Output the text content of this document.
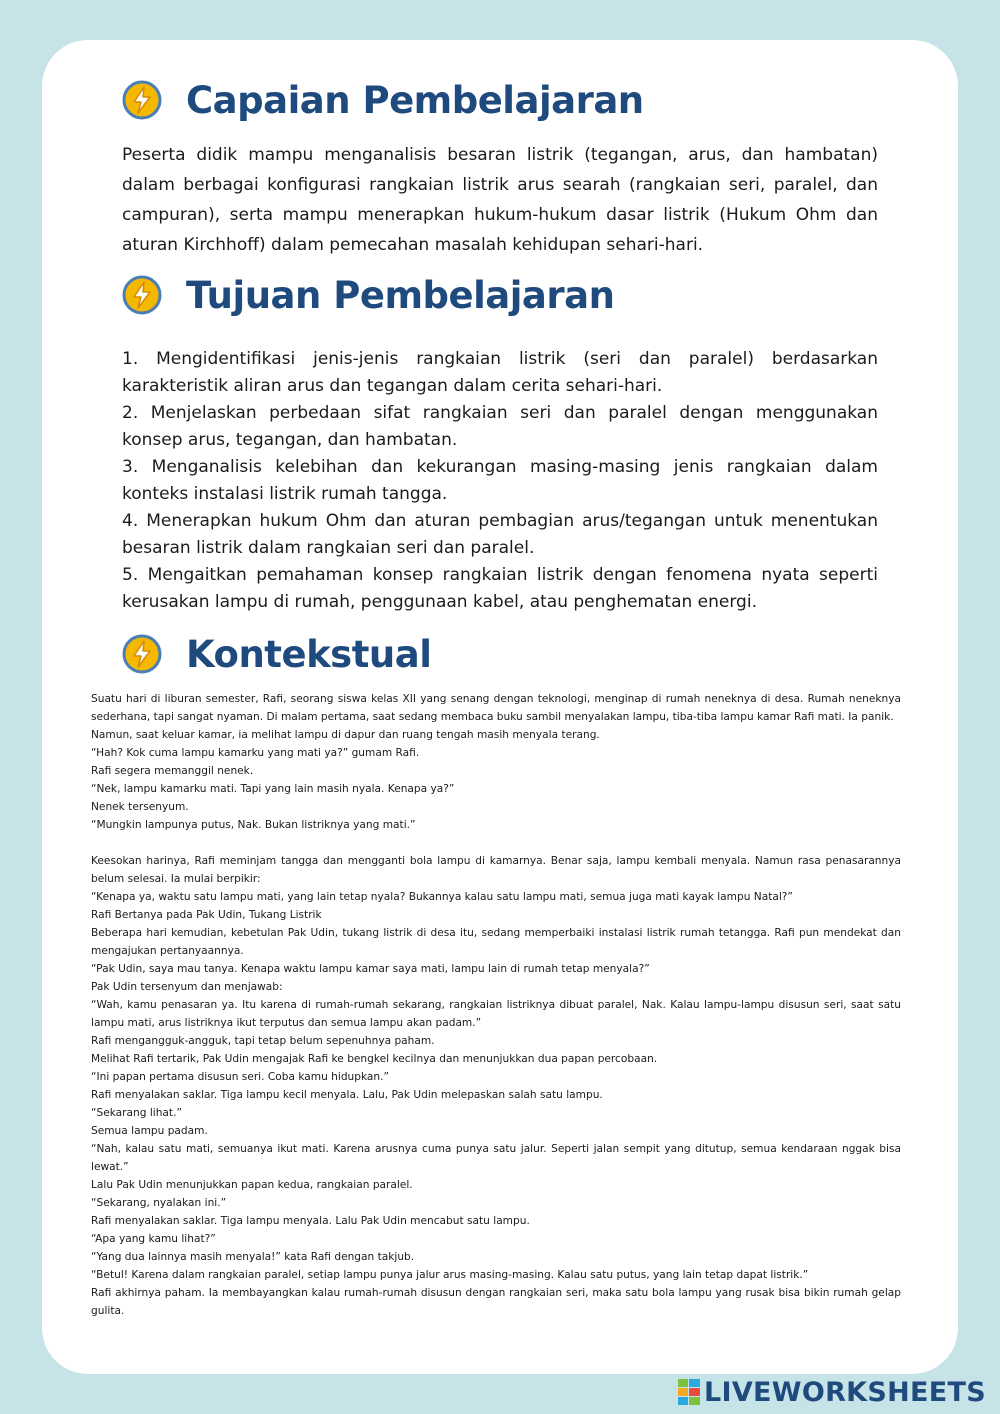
Capaian Pembelajaran

Peserta didik mampu menganalisis besaran listrik (tegangan, arus, dan hambatan) dalam berbagai konfigurasi rangkaian listrik arus searah (rangkaian seri, paralel, dan campuran), serta mampu menerapkan hukum-hukum dasar listrik (Hukum Ohm dan aturan Kirchhoff) dalam pemecahan masalah kehidupan sehari-hari.

Tujuan Pembelajaran
1. Mengidentifikasi jenis-jenis rangkaian listrik (seri dan paralel) berdasarkan karakteristik aliran arus dan tegangan dalam cerita sehari-hari.
2. Menjelaskan perbedaan sifat rangkaian seri dan paralel dengan menggunakan konsep arus, tegangan, dan hambatan.
3. Menganalisis kelebihan dan kekurangan masing-masing jenis rangkaian dalam konteks instalasi listrik rumah tangga.
4. Menerapkan hukum Ohm dan aturan pembagian arus/tegangan untuk menentukan besaran listrik dalam rangkaian seri dan paralel.
5. Mengaitkan pemahaman konsep rangkaian listrik dengan fenomena nyata seperti kerusakan lampu di rumah, penggunaan kabel, atau penghematan energi.
Kontekstual

Suatu hari di liburan semester, Rafi, seorang siswa kelas XII yang senang dengan teknologi, menginap di rumah neneknya di desa. Rumah neneknya sederhana, tapi sangat nyaman. Di malam pertama, saat sedang membaca buku sambil menyalakan lampu, tiba-tiba lampu kamar Rafi mati. Ia panik.

Namun, saat keluar kamar, ia melihat lampu di dapur dan ruang tengah masih menyala terang.

“Hah? Kok cuma lampu kamarku yang mati ya?” gumam Rafi.

Rafi segera memanggil nenek.

“Nek, lampu kamarku mati. Tapi yang lain masih nyala. Kenapa ya?”

Nenek tersenyum.

“Mungkin lampunya putus, Nak. Bukan listriknya yang mati.”

Keesokan harinya, Rafi meminjam tangga dan mengganti bola lampu di kamarnya. Benar saja, lampu kembali menyala. Namun rasa penasarannya belum selesai. Ia mulai berpikir:

“Kenapa ya, waktu satu lampu mati, yang lain tetap nyala? Bukannya kalau satu lampu mati, semua juga mati kayak lampu Natal?”

Rafi Bertanya pada Pak Udin, Tukang Listrik

Beberapa hari kemudian, kebetulan Pak Udin, tukang listrik di desa itu, sedang memperbaiki instalasi listrik rumah tetangga. Rafi pun mendekat dan mengajukan pertanyaannya.

“Pak Udin, saya mau tanya. Kenapa waktu lampu kamar saya mati, lampu lain di rumah tetap menyala?”

Pak Udin tersenyum dan menjawab:

“Wah, kamu penasaran ya. Itu karena di rumah-rumah sekarang, rangkaian listriknya dibuat paralel, Nak. Kalau lampu-lampu disusun seri, saat satu lampu mati, arus listriknya ikut terputus dan semua lampu akan padam.”

Rafi mengangguk-angguk, tapi tetap belum sepenuhnya paham.

Melihat Rafi tertarik, Pak Udin mengajak Rafi ke bengkel kecilnya dan menunjukkan dua papan percobaan.

“Ini papan pertama disusun seri. Coba kamu hidupkan.”

Rafi menyalakan saklar. Tiga lampu kecil menyala. Lalu, Pak Udin melepaskan salah satu lampu.

“Sekarang lihat.”

Semua lampu padam.

“Nah, kalau satu mati, semuanya ikut mati. Karena arusnya cuma punya satu jalur. Seperti jalan sempit yang ditutup, semua kendaraan nggak bisa lewat.”

Lalu Pak Udin menunjukkan papan kedua, rangkaian paralel.

“Sekarang, nyalakan ini.”

Rafi menyalakan saklar. Tiga lampu menyala. Lalu Pak Udin mencabut satu lampu.

“Apa yang kamu lihat?”

“Yang dua lainnya masih menyala!” kata Rafi dengan takjub.

“Betul! Karena dalam rangkaian paralel, setiap lampu punya jalur arus masing-masing. Kalau satu putus, yang lain tetap dapat listrik.”

Rafi akhirnya paham. Ia membayangkan kalau rumah-rumah disusun dengan rangkaian seri, maka satu bola lampu yang rusak bisa bikin rumah gelap gulita.

LIVEWORKSHEETS
